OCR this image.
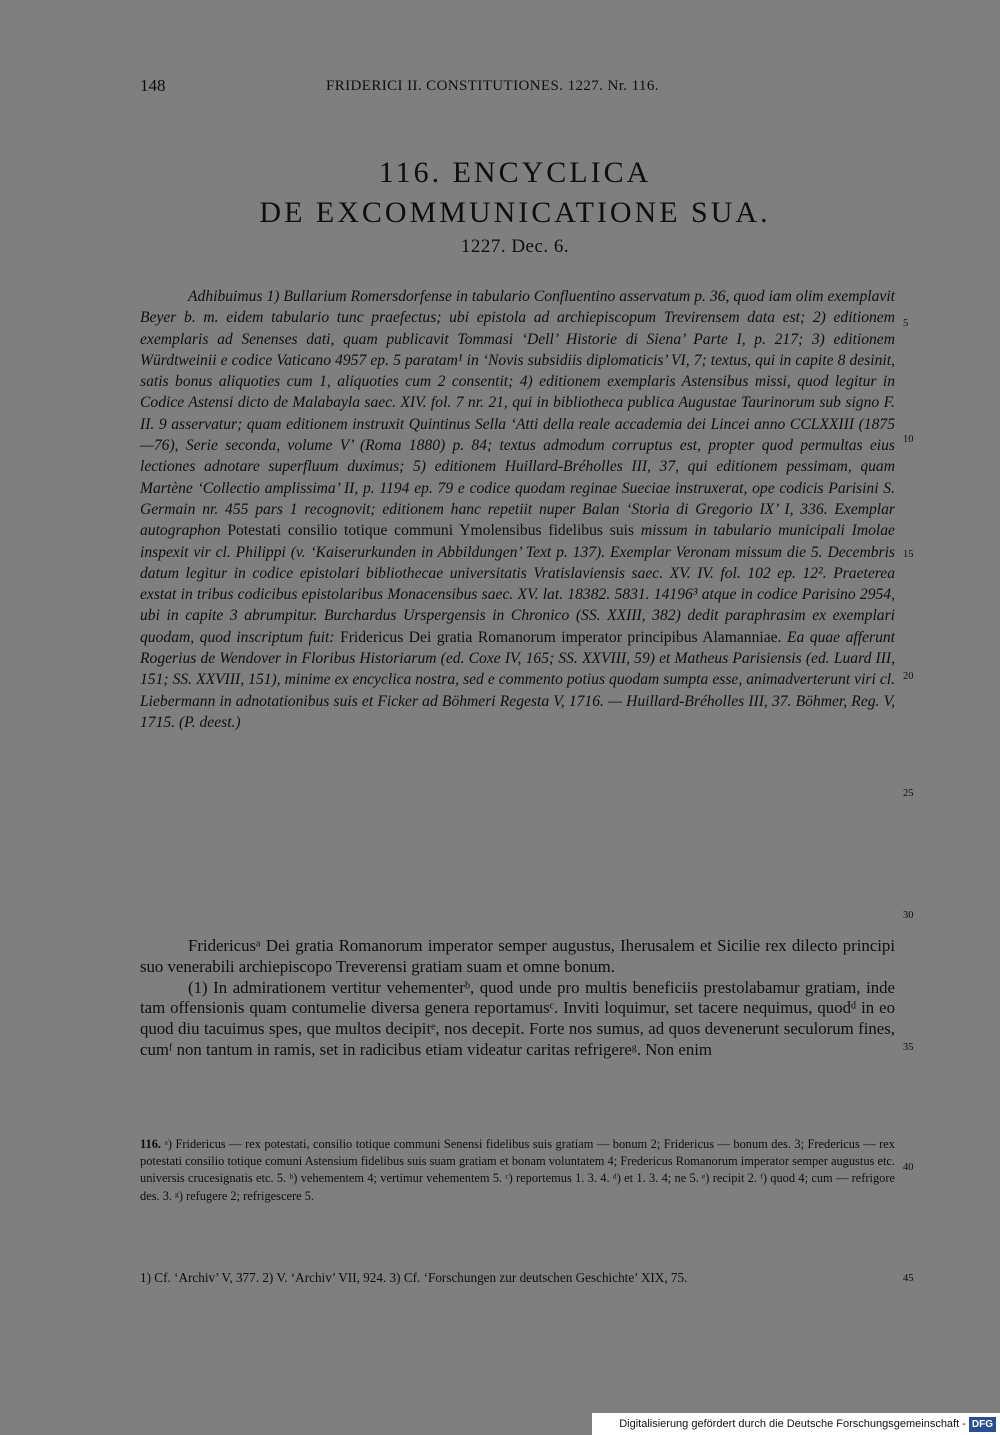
148	FRIDERICI II. CONSTITUTIONES. 1227. Nr. 116.
116. ENCYCLICA
DE EXCOMMUNICATIONE SUA.
1227. Dec. 6.
Adhibuimus 1) Bullarium Romersdorfense in tabulario Confluentino asservatum p. 36, quod iam olim exemplavit Beyer b. m. eidem tabulario tunc praefectus; ubi epistola ad archiepiscopum Trevirensem data est; 2) editionem exemplaris ad Senenses dati, quam publicavit Tommasi ‘Dell’ Historie di Siena’ Parte I, p. 217; 3) editionem Würdtweinii e codice Vaticano 4957 ep. 5 paratam¹ in ‘Novis subsidiis diplomaticis’ VI, 7; textus, qui in capite 8 desinit, satis bonus aliquoties cum 1, aliquoties cum 2 consentit; 4) editionem exemplaris Astensibus missi, quod legitur in Codice Astensi dicto de Malabayla saec. XIV. fol. 7 nr. 21, qui in bibliotheca publica Augustae Taurinorum sub signo F. II. 9 asservatur; quam editionem instruxit Quintinus Sella ‘Atti della reale accademia dei Lincei anno CCLXXIII (1875—76), Serie seconda, volume V’ (Roma 1880) p. 84; textus admodum corruptus est, propter quod permultas eius lectiones adnotare superfluum duximus; 5) editionem Huillard-Bréholles III, 37, qui editionem pessimam, quam Martène ‘Collectio amplissima’ II, p. 1194 ep. 79 e codice quodam reginae Sueciae instruxerat, ope codicis Parisini S. Germain nr. 455 pars 1 recognovit; editionem hanc repetiit nuper Balan ‘Storia di Gregorio IX’ I, 336. Exemplar autographon Potestati consilio totique communi Ymolensibus fidelibus suis missum in tabulario municipali Imolae inspexit vir cl. Philippi (v. ‘Kaiserurkunden in Abbildungen’ Text p. 137). Exemplar Veronam missum die 5. Decembris datum legitur in codice epistolari bibliothecae universitatis Vratislaviensis saec. XV. IV. fol. 102 ep. 12². Praeterea exstat in tribus codicibus epistolaribus Monacensibus saec. XV. lat. 18382. 5831. 14196³ atque in codice Parisino 2954, ubi in capite 3 abrumpitur. Burchardus Urspergensis in Chronico (SS. XXIII, 382) dedit paraphrasim ex exemplari quodam, quod inscriptum fuit: Fridericus Dei gratia Romanorum imperator principibus Alamanniae. Ea quae afferunt Rogerius de Wendover in Floribus Historiarum (ed. Coxe IV, 165; SS. XXVIII, 59) et Matheus Parisiensis (ed. Luard III, 151; SS. XXVIII, 151), minime ex encyclica nostra, sed e commento potius quodam sumpta esse, animadverterunt viri cl. Liebermann in adnotationibus suis et Ficker ad Böhmeri Regesta V, 1716. — Huillard-Bréholles III, 37. Böhmer, Reg. V, 1715. (P. deest.)

Fridericusᵃ Dei gratia Romanorum imperator semper augustus, Iherusalem et Sicilie rex dilecto principi suo venerabili archiepiscopo Treverensi gratiam suam et omne bonum.

(1) In admirationem vertitur vehementerᵇ, quod unde pro multis beneficiis prestolabamur gratiam, inde tam offensionis quam contumelie diversa genera reportamusᶜ. Inviti loquimur, set tacere nequimus, quodᵈ in eo quod diu tacuimus spes, que multos decipitᵉ, nos decepit. Forte nos sumus, ad quos devenerunt seculorum fines, cumᶠ non tantum in ramis, set in radicibus etiam videatur caritas refrigereᵍ. Non enim

116. ᵃ) Fridericus — rex potestati, consilio totique communi Senensi fidelibus suis gratiam — bonum 2; Fridericus — bonum des. 3; Fredericus — rex potestati consilio totique comuni Astensium fidelibus suis suam gratiam et bonam voluntatem 4; Fredericus Romanorum imperator semper augustus etc. universis crucesignatis etc. 5. ᵇ) vehementem 4; vertimur vehementem 5. ᶜ) reportemus 1. 3. 4. ᵈ) et 1. 3. 4; ne 5. ᵉ) recipit 2. ᶠ) quod 4; cum — refrigore des. 3. ᵍ) refugere 2; refrigescere 5.
1) Cf. ‘Archiv’ V, 377. 2) V. ‘Archiv’ VII, 924. 3) Cf. ‘Forschungen zur deutschen Geschichte’ XIX, 75.
5
10
15
20
25
30
35
40
45
Digitalisierung gefördert durch die Deutsche Forschungsgemeinschaft - DFG
